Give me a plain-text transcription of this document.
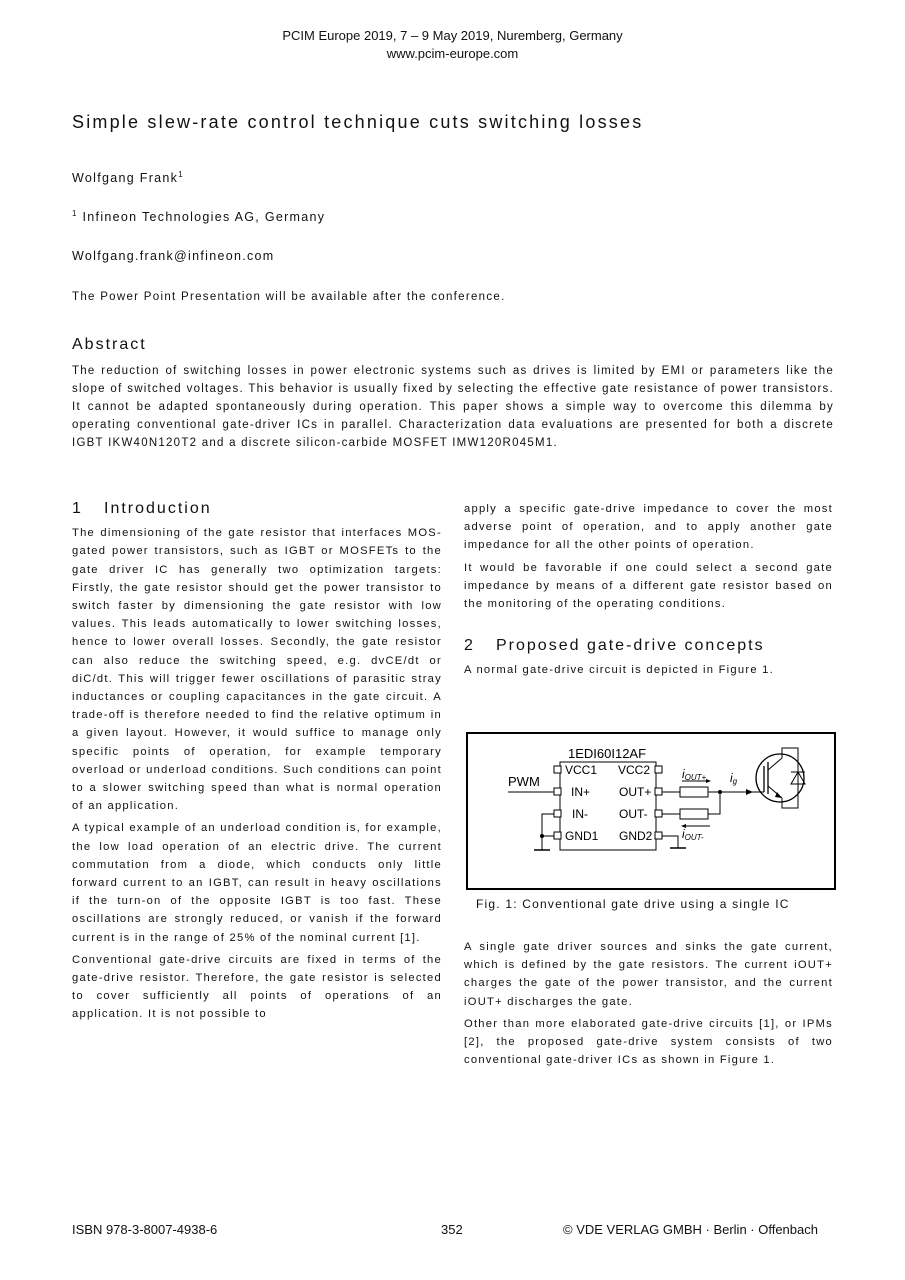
PCIM Europe 2019, 7 – 9 May 2019, Nuremberg, Germany
www.pcim-europe.com
Simple slew-rate control technique cuts switching losses
Wolfgang Frank$^1$
$^1$ Infineon Technologies AG, Germany
Wolfgang.frank@infineon.com
The Power Point Presentation will be available after the conference.
Abstract
The reduction of switching losses in power electronic systems such as drives is limited by EMI or parameters like the slope of switched voltages. This behavior is usually fixed by selecting the effective gate resistance of power transistors. It cannot be adapted spontaneously during operation. This paper shows a simple way to overcome this dilemma by operating conventional gate-driver ICs in parallel. Characterization data evaluations are presented for both a discrete IGBT IKW40N120T2 and a discrete silicon-carbide MOSFET IMW120R045M1.
1 Introduction

The dimensioning of the gate resistor that interfaces MOS-gated power transistors, such as IGBT or MOSFETs to the gate driver IC has generally two optimization targets: Firstly, the gate resistor should get the power transistor to switch faster by dimensioning the gate resistor with low values. This leads automatically to lower switching losses, hence to lower overall losses. Secondly, the gate resistor can also reduce the switching speed, e.g. dvCE/dt or diC/dt. This will trigger fewer oscillations of parasitic stray inductances or coupling capacitances in the gate circuit. A trade-off is therefore needed to find the relative optimum in a given layout. However, it would suffice to manage only specific points of operation, for example temporary overload or underload conditions. Such conditions can point to a slower switching speed than what is normal operation of an application.

A typical example of an underload condition is, for example, the low load operation of an electric drive. The current commutation from a diode, which conducts only little forward current to an IGBT, can result in heavy oscillations if the turn-on of the opposite IGBT is too fast. These oscillations are strongly reduced, or vanish if the forward current is in the range of 25% of the nominal current [1].

Conventional gate-drive circuits are fixed in terms of the gate-drive resistor. Therefore, the gate resistor is selected to cover sufficiently all points of operations of an application. It is not possible to

apply a specific gate-drive impedance to cover the most adverse point of operation, and to apply another gate impedance for all the other points of operation.

It would be favorable if one could select a second gate impedance by means of a different gate resistor based on the monitoring of the operating conditions.

2 Proposed gate-drive concepts

A normal gate-drive circuit is depicted in Figure 1.

A single gate driver sources and sinks the gate current, which is defined by the gate resistors. The current iOUT+ charges the gate of the power transistor, and the current iOUT+ discharges the gate.

Other than more elaborated gate-drive circuits [1], or IPMs [2], the proposed gate-drive system consists of two conventional gate-driver ICs as shown in Figure 1.

1EDI60I12AF
VCC1
IN+
IN-
GND1
VCC2
OUT+
OUT-
GND2
PWM	iOUT+
iOUT-
ig
Fig. 1: Conventional gate drive using a single IC
ISBN 978-3-8007-4938-6	352	© VDE VERLAG GMBH · Berlin · Offenbach
